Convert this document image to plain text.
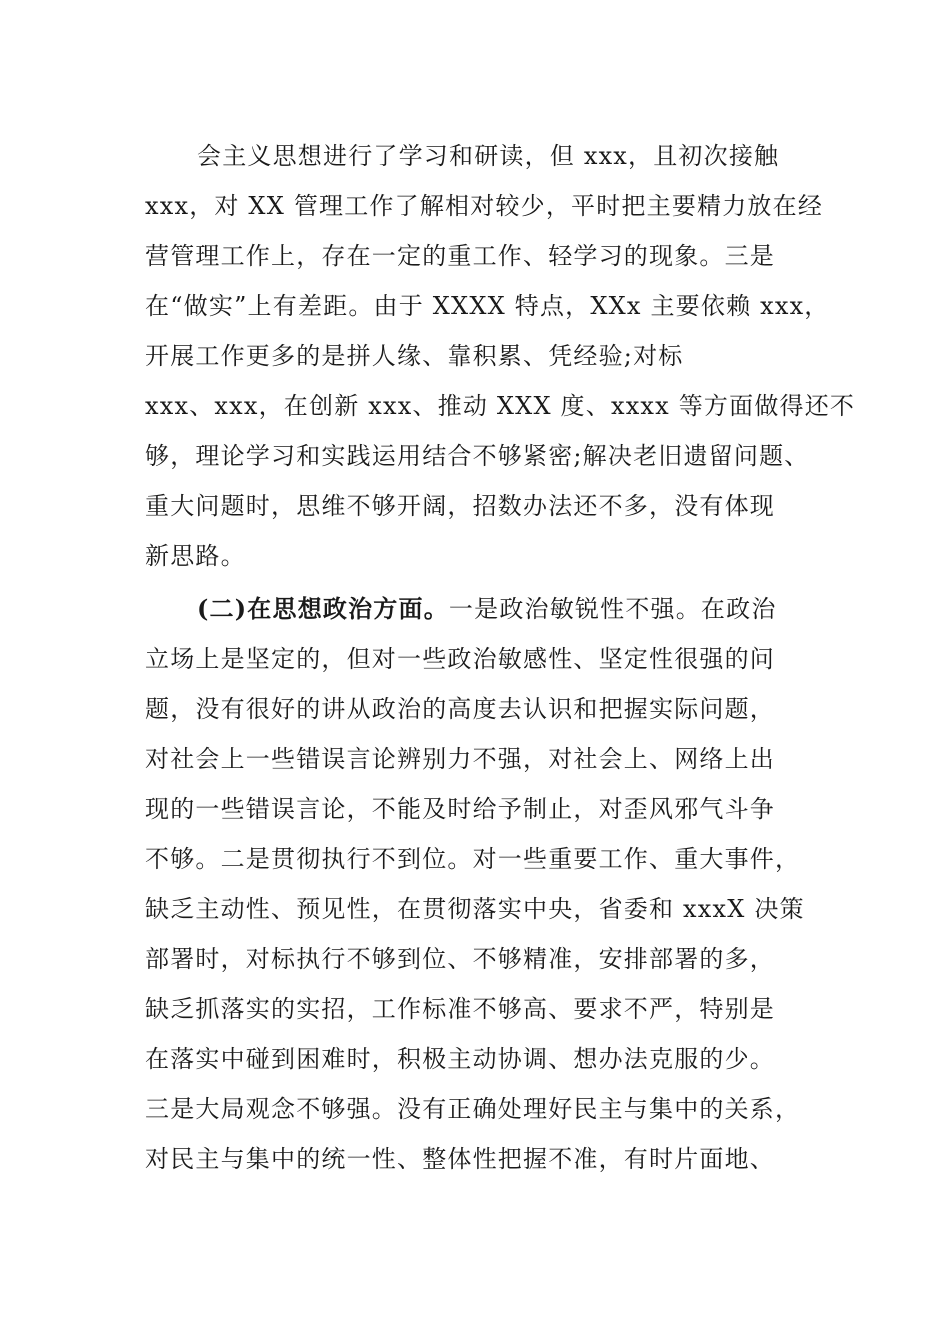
会主义思想进行了学习和研读，但 xxx，且初次接触
xxx，对 XX 管理工作了解相对较少，平时把主要精力放在经
营管理工作上，存在一定的重工作、轻学习的现象。三是
在“做实”上有差距。由于 XXXX 特点，XXx 主要依赖 xxx，
开展工作更多的是拼人缘、靠积累、凭经验;对标
xxx、xxx，在创新 xxx、推动 XXX 度、xxxx 等方面做得还不
够，理论学习和实践运用结合不够紧密;解决老旧遗留问题、
重大问题时，思维不够开阔，招数办法还不多，没有体现
新思路。
(二)在思想政治方面。一是政治敏锐性不强。在政治
立场上是坚定的，但对一些政治敏感性、坚定性很强的问
题，没有很好的讲从政治的高度去认识和把握实际问题，
对社会上一些错误言论辨别力不强，对社会上、网络上出
现的一些错误言论，不能及时给予制止，对歪风邪气斗争
不够。二是贯彻执行不到位。对一些重要工作、重大事件，
缺乏主动性、预见性，在贯彻落实中央，省委和 xxxX 决策
部署时，对标执行不够到位、不够精准，安排部署的多，
缺乏抓落实的实招，工作标准不够高、要求不严，特别是
在落实中碰到困难时，积极主动协调、想办法克服的少。
三是大局观念不够强。没有正确处理好民主与集中的关系，
对民主与集中的统一性、整体性把握不准，有时片面地、
